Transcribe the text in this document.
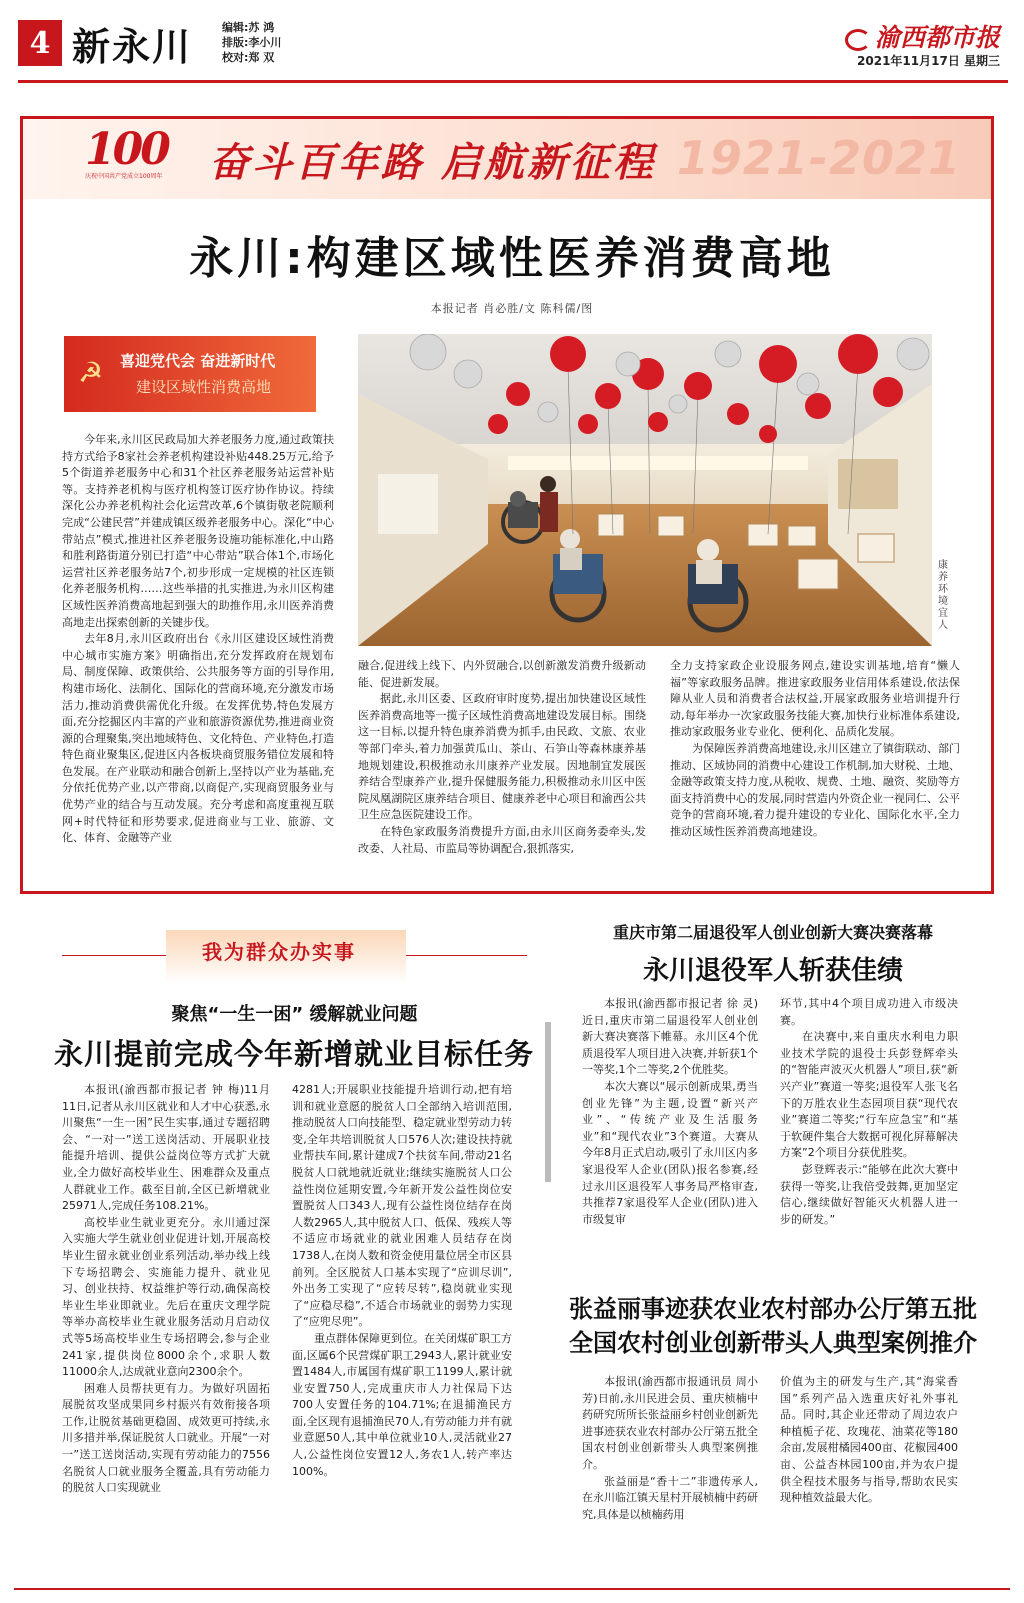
4 新永川	编辑:苏 鸿
排版:李小川
校对:郑 双
渝西都市报
2021年11月17日 星期三
100
庆祝中国共产党成立100周年	奋斗百年路 启航新征程 1921-2021
永川:构建区域性医养消费高地
本报记者 肖必胜/文 陈科儒/图
☭ 喜迎党代会 奋进新时代
建设区域性消费高地
康养环境宜人

今年来,永川区民政局加大养老服务力度,通过政策扶持方式给予8家社会养老机构建设补贴448.25万元,给予5个街道养老服务中心和31个社区养老服务站运营补贴等。支持养老机构与医疗机构签订医疗协作协议。持续深化公办养老机构社会化运营改革,6个镇街敬老院顺利完成“公建民营”并建成镇区级养老服务中心。深化“中心带站点”模式,推进社区养老服务设施功能标准化,中山路和胜利路街道分别已打造“中心带站”联合体1个,市场化运营社区养老服务站7个,初步形成一定规模的社区连锁化养老服务机构……这些举措的扎实推进,为永川区构建区域性医养消费高地起到强大的助推作用,永川医养消费高地走出探索创新的关键步伐。

去年8月,永川区政府出台《永川区建设区域性消费中心城市实施方案》明确指出,充分发挥政府在规划布局、制度保障、政策供给、公共服务等方面的引导作用,构建市场化、法制化、国际化的营商环境,充分激发市场活力,推动消费供需优化升级。在发挥优势,特色发展方面,充分挖掘区内丰富的产业和旅游资源优势,推进商业资源的合理聚集,突出地域特色、文化特色、产业特色,打造特色商业聚集区,促进区内各板块商贸服务错位发展和特色发展。在产业联动和融合创新上,坚持以产业为基础,充分依托优势产业,以产带商,以商促产,实现商贸服务业与优势产业的结合与互动发展。充分考虑和高度重视互联网+时代特征和形势要求,促进商业与工业、旅游、文化、体育、金融等产业

融合,促进线上线下、内外贸融合,以创新激发消费升级新动能、促进新发展。

据此,永川区委、区政府审时度势,提出加快建设区域性医养消费高地等一揽子区域性消费高地建设发展目标。围绕这一目标,以提升特色康养消费为抓手,由民政、文旅、农业等部门牵头,着力加强黄瓜山、茶山、石笋山等森林康养基地规划建设,积极推动永川康养产业发展。因地制宜发展医养结合型康养产业,提升保健服务能力,积极推动永川区中医院凤凰湖院区康养结合项目、健康养老中心项目和渝西公共卫生应急医院建设工作。

在特色家政服务消费提升方面,由永川区商务委牵头,发改委、人社局、市监局等协调配合,狠抓落实,

全力支持家政企业设服务网点,建设实训基地,培育“懒人福”等家政服务品牌。推进家政服务业信用体系建设,依法保障从业人员和消费者合法权益,开展家政服务业培训提升行动,每年举办一次家政服务技能大赛,加快行业标准体系建设,推动家政服务业专业化、便利化、品质化发展。

为保障医养消费高地建设,永川区建立了镇街联动、部门推动、区域协同的消费中心建设工作机制,加大财税、土地、金融等政策支持力度,从税收、规费、土地、融资、奖励等方面支持消费中心的发展,同时营造内外资企业一视同仁、公平竞争的营商环境,着力提升建设的专业化、国际化水平,全力推动区域性医养消费高地建设。

我为群众办实事
聚焦“一生一困” 缓解就业问题
永川提前完成今年新增就业目标任务

本报讯(渝西都市报记者 钟 梅)11月11日,记者从永川区就业和人才中心获悉,永川聚焦“一生一困”民生实事,通过专题招聘会、“一对一”送工送岗活动、开展职业技能提升培训、提供公益岗位等方式扩大就业,全力做好高校毕业生、困难群众及重点人群就业工作。截至目前,全区已新增就业25971人,完成任务108.21%。

高校毕业生就业更充分。永川通过深入实施大学生就业创业促进计划,开展高校毕业生留永就业创业系列活动,举办线上线下专场招聘会、实施能力提升、就业见习、创业扶持、权益维护等行动,确保高校毕业生毕业即就业。先后在重庆文理学院等举办高校毕业生就业服务活动月启动仪式等5场高校毕业生专场招聘会,参与企业241家,提供岗位8000余个,求职人数11000余人,达成就业意向2300余个。

困难人员帮扶更有力。为做好巩固拓展脱贫攻坚成果同乡村振兴有效衔接各项工作,让脱贫基础更稳固、成效更可持续,永川多措并举,保证脱贫人口就业。开展“一对一”送工送岗活动,实现有劳动能力的7556名脱贫人口就业服务全覆盖,具有劳动能力的脱贫人口实现就业

4281人;开展职业技能提升培训行动,把有培训和就业意愿的脱贫人口全部纳入培训范围,推动脱贫人口向技能型、稳定就业型劳动力转变,全年共培训脱贫人口576人次;建设扶持就业帮扶车间,累计建成7个扶贫车间,带动21名脱贫人口就地就近就业;继续实施脱贫人口公益性岗位延期安置,今年新开发公益性岗位安置脱贫人口343人,现有公益性岗位结存在岗人数2965人,其中脱贫人口、低保、残疾人等不适应市场就业的就业困难人员结存在岗1738人,在岗人数和资金使用量位居全市区县前列。全区脱贫人口基本实现了“应训尽训”,外出务工实现了“应转尽转”,稳岗就业实现了“应稳尽稳”,不适合市场就业的弱势力实现了“应兜尽兜”。

重点群体保障更到位。在关闭煤矿职工方面,区属6个民营煤矿职工2943人,累计就业安置1484人,市属国有煤矿职工1199人,累计就业安置750人,完成重庆市人力社保局下达700人安置任务的104.71%;在退捕渔民方面,全区现有退捕渔民70人,有劳动能力并有就业意愿50人,其中单位就业10人,灵活就业27人,公益性岗位安置12人,务农1人,转产率达100%。

重庆市第二届退役军人创业创新大赛决赛落幕
永川退役军人斩获佳绩

本报讯(渝西都市报记者 徐 灵)近日,重庆市第二届退役军人创业创新大赛决赛落下帷幕。永川区4个优质退役军人项目进入决赛,并斩获1个一等奖,1个二等奖,2个优胜奖。

本次大赛以“展示创新成果,勇当创业先锋”为主题,设置“新兴产业”、“传统产业及生活服务业”和“现代农业”3个赛道。大赛从今年8月正式启动,吸引了永川区内多家退役军人企业(团队)报名参赛,经过永川区退役军人事务局严格审查,共推荐7家退役军人企业(团队)进入市级复审

环节,其中4个项目成功进入市级决赛。

在决赛中,来自重庆水利电力职业技术学院的退役士兵彭登辉牵头的“智能声波灭火机器人”项目,获“新兴产业”赛道一等奖;退役军人张飞名下的万胜农业生态园项目获“现代农业”赛道二等奖;“行车应急宝”和“基于软硬件集合大数据可视化屏幕解决方案”2个项目分获优胜奖。

彭登辉表示:“能够在此次大赛中获得一等奖,让我倍受鼓舞,更加坚定信心,继续做好智能灭火机器人进一步的研发。”

张益丽事迹获农业农村部办公厅第五批
全国农村创业创新带头人典型案例推介

本报讯(渝西都市报通讯员 周小芳)日前,永川民进会员、重庆桢楠中药研究所所长张益丽乡村创业创新先进事迹获农业农村部办公厅第五批全国农村创业创新带头人典型案例推介。

张益丽是“香十二”非遗传承人,在永川临江镇天星村开展桢楠中药研究,具体是以桢楠药用

价值为主的研发与生产,其“海棠香国”系列产品入选重庆好礼外事礼品。同时,其企业还带动了周边农户种植栀子花、玫瑰花、油菜花等180余亩,发展柑橘园400亩、花椒园400亩、公益杏林园100亩,并为农户提供全程技术服务与指导,帮助农民实现种植效益最大化。
